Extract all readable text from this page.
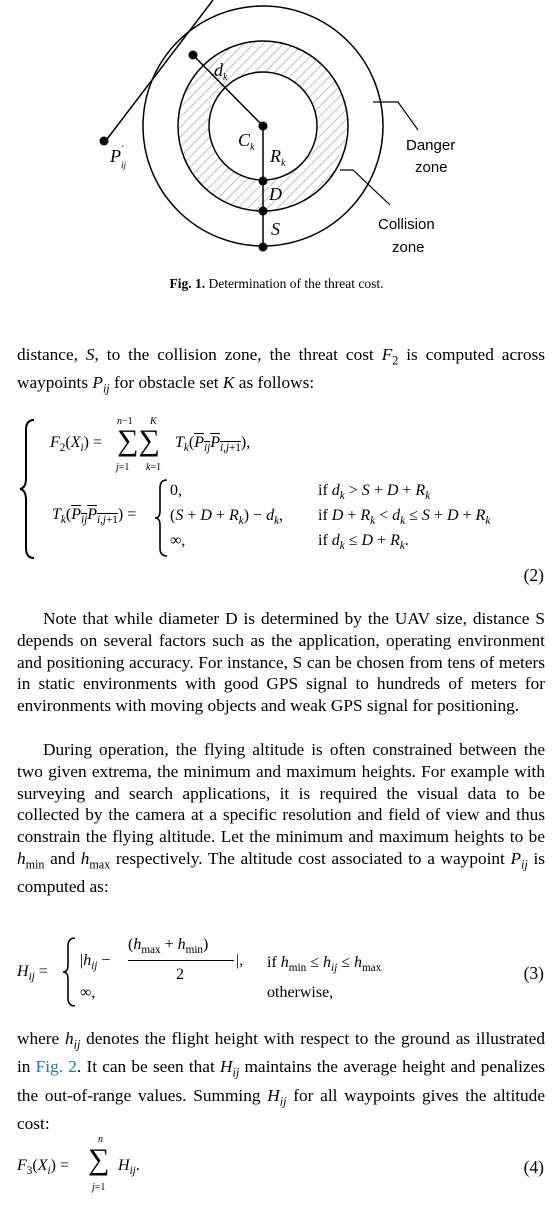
$d_k$
$C_k$ $R_k$
D
S
P '
ij
Danger
zone
Collision
zone
Fig. 1. Determination of the threat cost.
distance, S, to the collision zone, the threat cost $F_2$ is computed across waypoints $P_{ij}$ for obstacle set K as follows:
$F_2(X_i)$ =
n−1 K
∑∑
j=1 k=1
$T_k(P_{ij}P_{i,j+1})$,
$T_k(P_{ij}P_{i,j+1})$ =
0,
$(S + D + R_k) - d_k$,
∞,
if $d_k > S + D + R_k$
if $D + R_k < d_k \le S + D + R_k$
if $d_k \le D + R_k$.
(2)
Note that while diameter D is determined by the UAV size, distance S depends on several factors such as the application, operating environment and positioning accuracy. For instance, S can be chosen from tens of meters in static environments with good GPS signal to hundreds of meters for environments with moving objects and weak GPS signal for positioning.
During operation, the flying altitude is often constrained between the two given extrema, the minimum and maximum heights. For example with surveying and search applications, it is required the visual data to be collected by the camera at a specific resolution and field of view and thus constrain the flying altitude. Let the minimum and maximum heights to be $h_{min}$ and $h_{max}$ respectively. The altitude cost associated to a waypoint $P_{ij}$ is computed as:
$H_{ij}$ =
$|h_{ij}$ −
$(h_{max} + h_{min})$
2
|,
∞,
if $h_{min} \le h_{ij} \le h_{max}$
otherwise,
(3)
where $h_{ij}$ denotes the flight height with respect to the ground as illustrated in Fig. 2. It can be seen that $H_{ij}$ maintains the average height and penalizes the out-of-range values. Summing $H_{ij}$ for all waypoints gives the altitude cost:
n
$F_3(X_i)$ = ∑
j=1
$H_{ij}$.	(4)
